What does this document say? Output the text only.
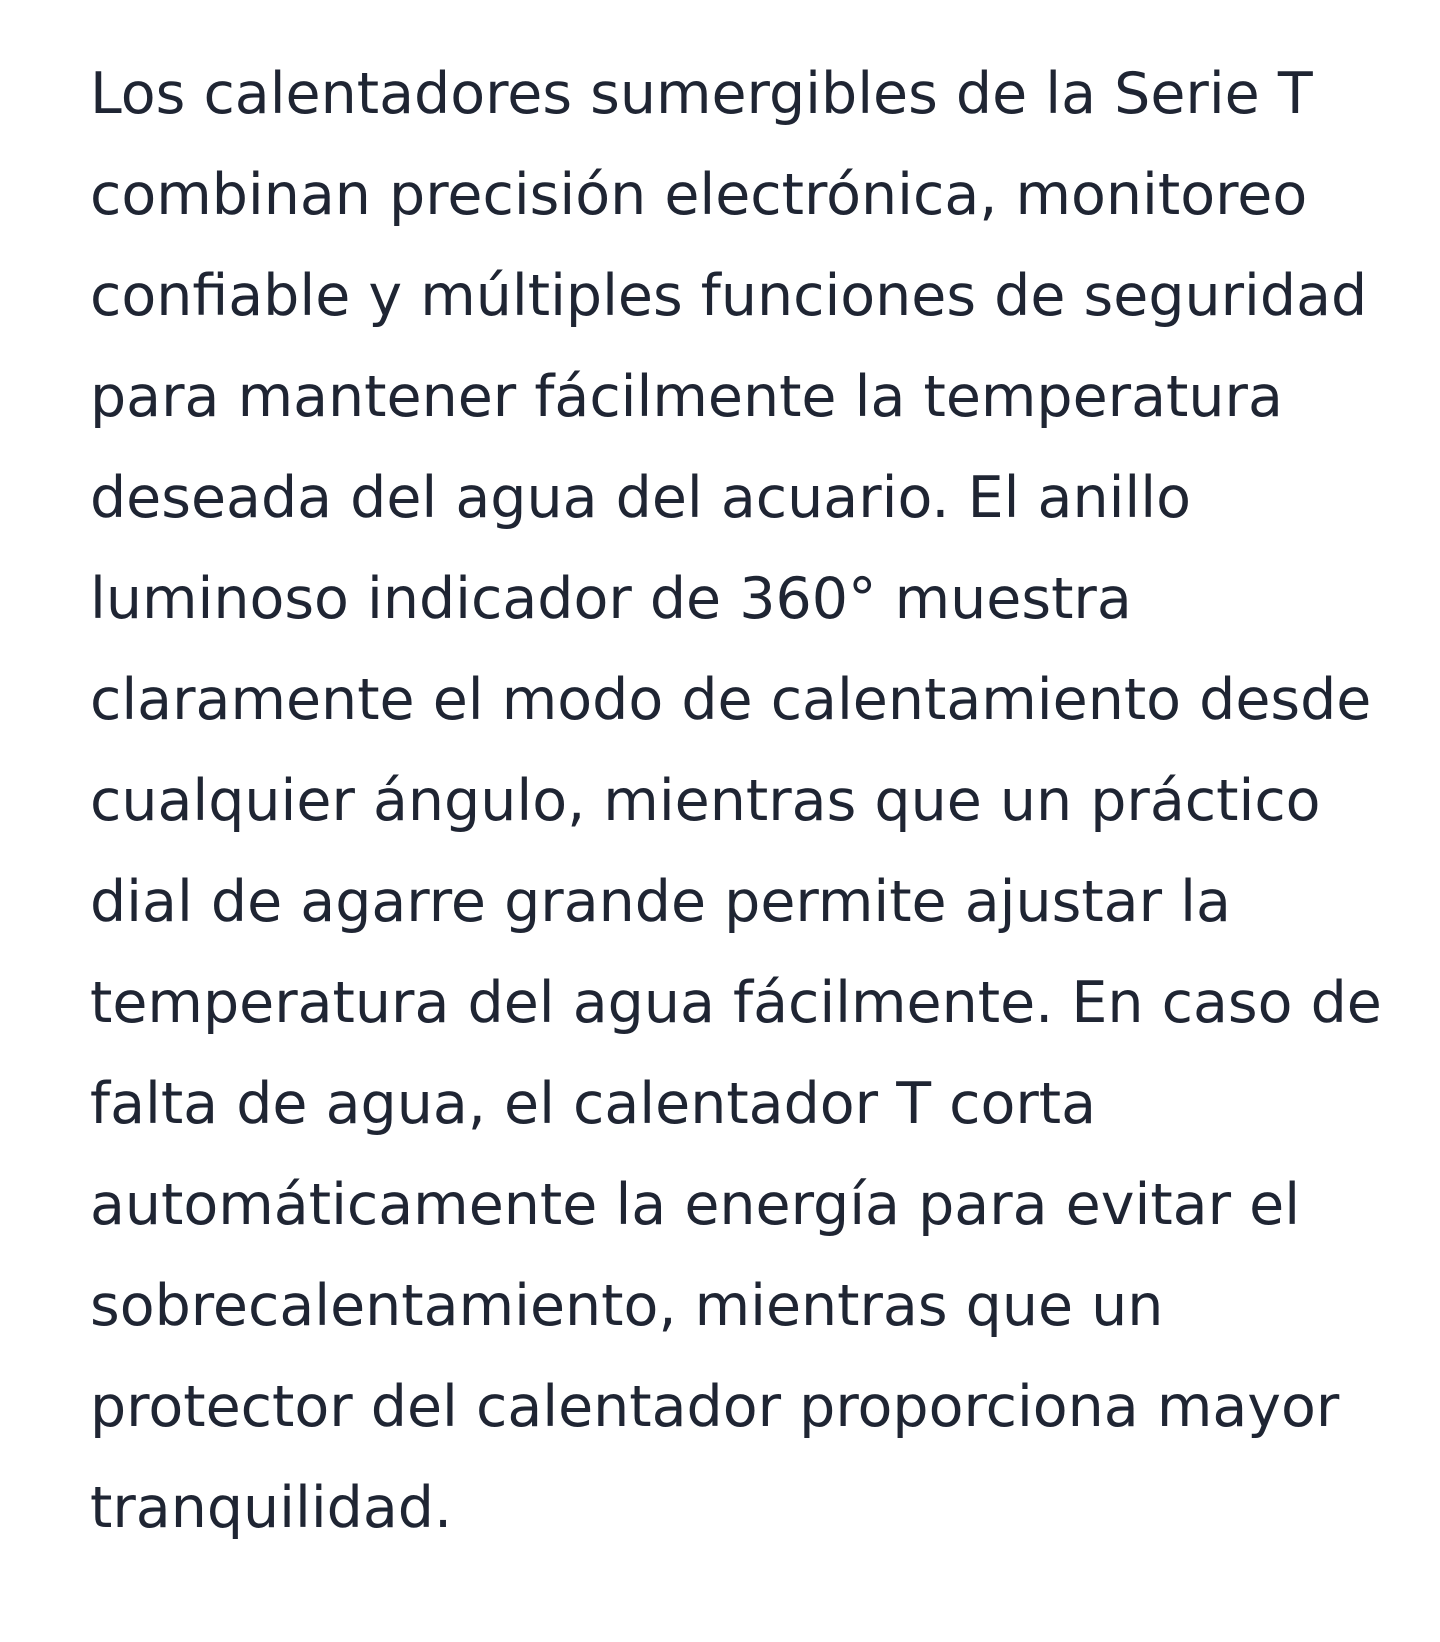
Los calentadores sumergibles de la Serie T
combinan precisión electrónica, monitoreo
confiable y múltiples funciones de seguridad
para mantener fácilmente la temperatura
deseada del agua del acuario. El anillo
luminoso indicador de 360° muestra
claramente el modo de calentamiento desde
cualquier ángulo, mientras que un práctico
dial de agarre grande permite ajustar la
temperatura del agua fácilmente. En caso de
falta de agua, el calentador T corta
automáticamente la energía para evitar el
sobrecalentamiento, mientras que un
protector del calentador proporciona mayor
tranquilidad.
